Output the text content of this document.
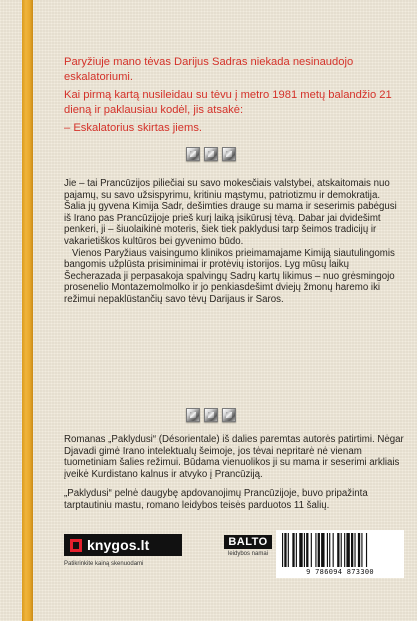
Paryžiuje mano tėvas Darijus Sadras niekada nesinaudojo eskalatoriumi.

Kai pirmą kartą nusileidau su tėvu į metro 1981 metų balandžio 21 dieną ir paklausiau kodėl, jis atsakė:

– Eskalatorius skirtas jiems.

Jie – tai Prancūzijos piliečiai su savo mokesčiais valstybei, atskaitomais nuo pajamų, su savo užsispyrimu, kritiniu mąstymu, patriotizmu ir demokratija. Šalia jų gyvena Kimija Sadr, dešimties drauge su mama ir seserimis pabėgusi iš Irano pas Prancūzijoje prieš kurį laiką įsikūrusį tėvą. Dabar jai dvidešimt penkeri, ji – šiuolaikinė moteris, šiek tiek paklydusi tarp šeimos tradicijų ir vakarietiškos kultūros bei gyvenimo būdo.

Vienos Paryžiaus vaisingumo klinikos prieimamajame Kimiją siautulingomis bangomis užplūsta prisiminimai ir protėvių istorijos. Lyg mūsų laikų Šecherazada ji perpasakoja spalvingų Sadrų kartų likimus – nuo grėsmingojo prosenelio Montazemolmolko ir jo penkiasdešimt dviejų žmonų haremo iki režimui nepaklūstančių savo tėvų Darijaus ir Saros.

Romanas „Paklydusi“ (Désorientale) iš dalies paremtas autorės patirtimi. Nėgar Djavadi gimė Irano intelektualų šeimoje, jos tėvai nepritarė nė vienam tuometiniam šalies režimui. Būdama vienuolikos ji su mama ir seserimi arkliais įveikė Kurdistano kalnus ir atvyko į Prancūziją.

„Paklydusi“ pelnė daugybę apdovanojimų Prancūzijoje, buvo pripažinta tarptautiniu mastu, romano leidybos teisės parduotos 11 šalių.

knygos.lt
Patikrinkite kainą skenuodami
BALTO
leidybos namai
9 786094 873300
